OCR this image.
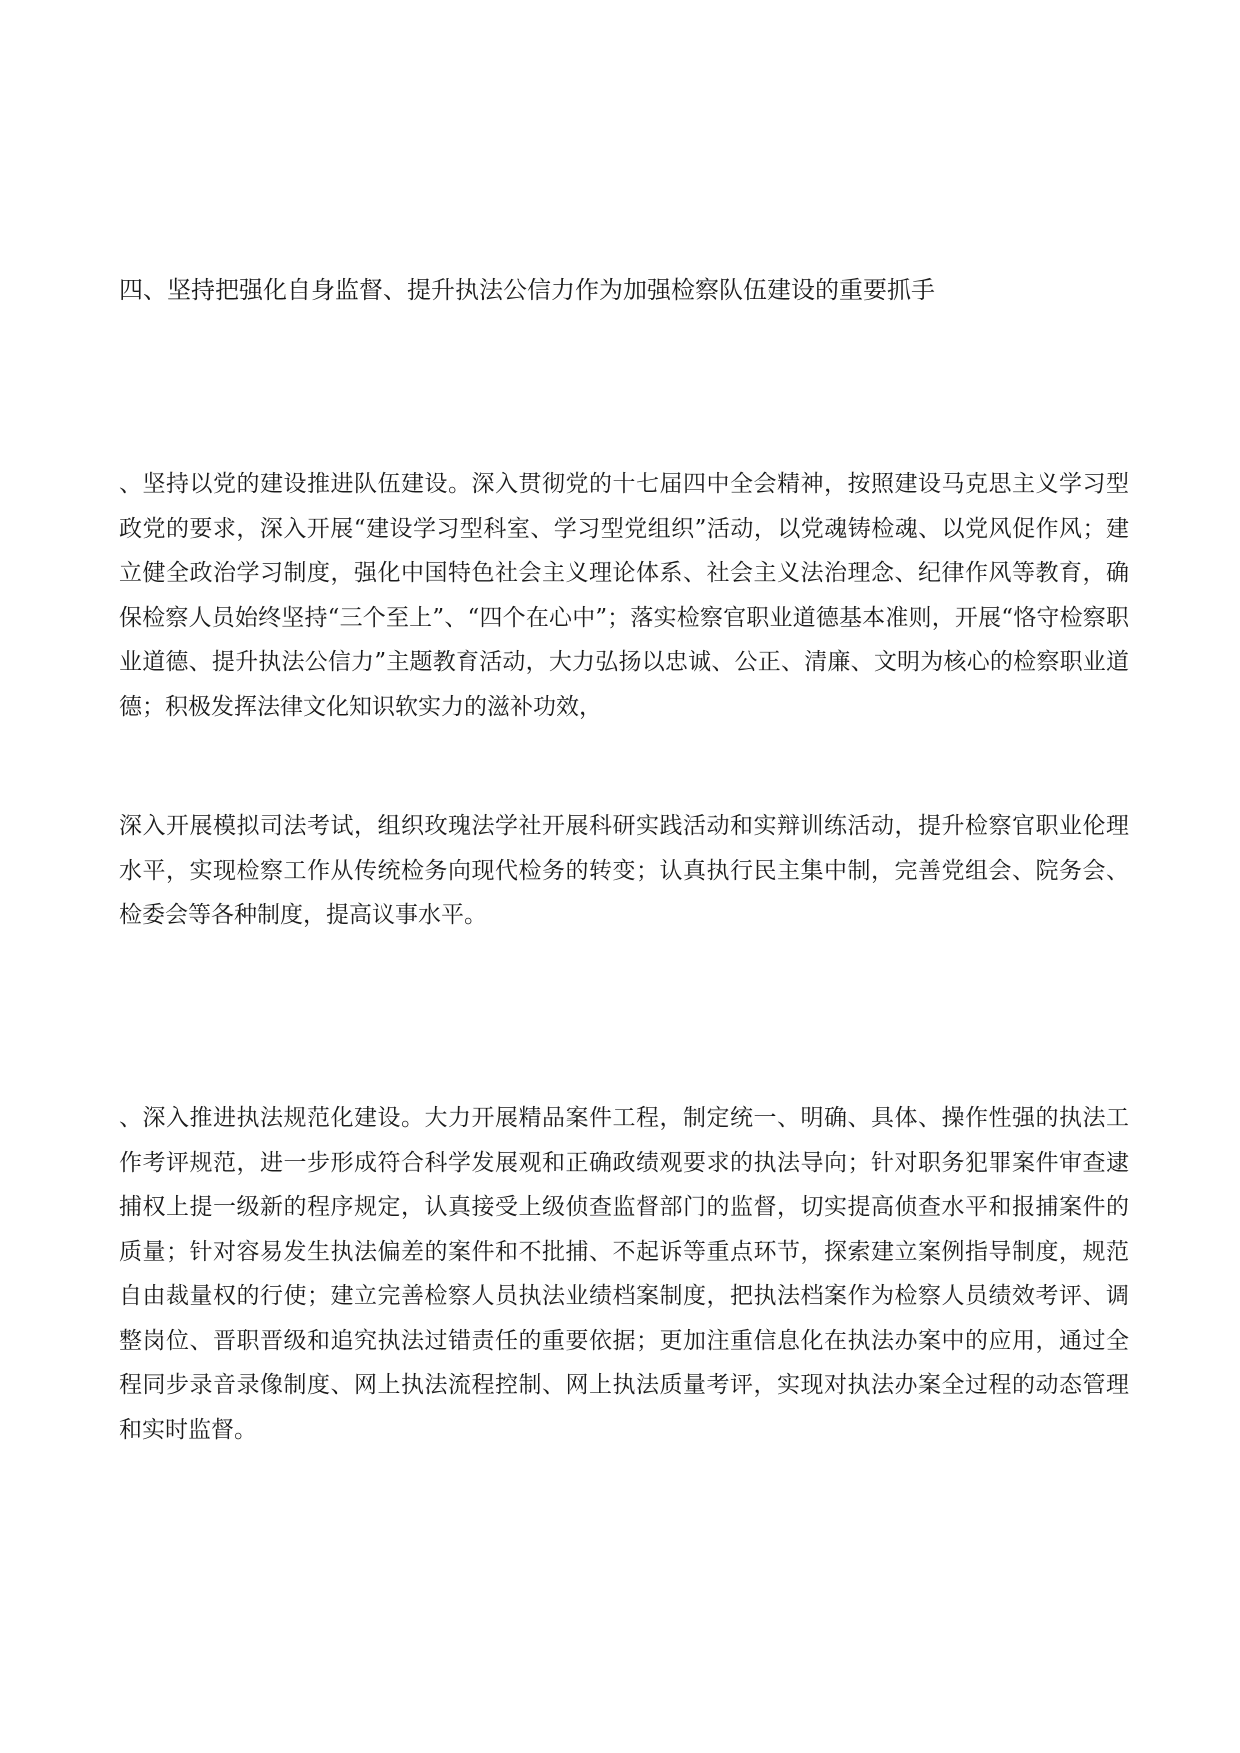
四、坚持把强化自身监督、提升执法公信力作为加强检察队伍建设的重要抓手

、坚持以党的建设推进队伍建设。深入贯彻党的十七届四中全会精神，按照建设马克思主义学习型政党的要求，深入开展“建设学习型科室、学习型党组织”活动，以党魂铸检魂、以党风促作风；建立健全政治学习制度，强化中国特色社会主义理论体系、社会主义法治理念、纪律作风等教育，确保检察人员始终坚持“三个至上”、“四个在心中”；落实检察官职业道德基本准则，开展“恪守检察职业道德、提升执法公信力”主题教育活动，大力弘扬以忠诚、公正、清廉、文明为核心的检察职业道德；积极发挥法律文化知识软实力的滋补功效，

深入开展模拟司法考试，组织玫瑰法学社开展科研实践活动和实辩训练活动，提升检察官职业伦理水平，实现检察工作从传统检务向现代检务的转变；认真执行民主集中制，完善党组会、院务会、检委会等各种制度，提高议事水平。

、深入推进执法规范化建设。大力开展精品案件工程，制定统一、明确、具体、操作性强的执法工作考评规范，进一步形成符合科学发展观和正确政绩观要求的执法导向；针对职务犯罪案件审查逮捕权上提一级新的程序规定，认真接受上级侦查监督部门的监督，切实提高侦查水平和报捕案件的质量；针对容易发生执法偏差的案件和不批捕、不起诉等重点环节，探索建立案例指导制度，规范自由裁量权的行使；建立完善检察人员执法业绩档案制度，把执法档案作为检察人员绩效考评、调整岗位、晋职晋级和追究执法过错责任的重要依据；更加注重信息化在执法办案中的应用，通过全程同步录音录像制度、网上执法流程控制、网上执法质量考评，实现对执法办案全过程的动态管理和实时监督。
